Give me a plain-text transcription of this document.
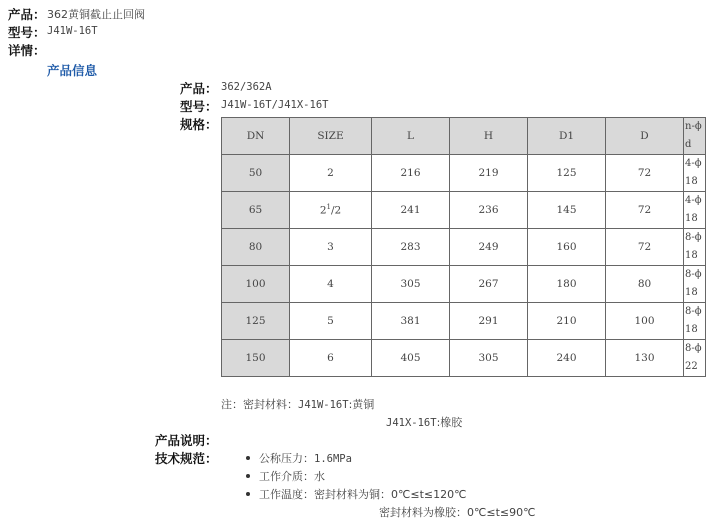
产品： 362黄铜截止止回阀
型号： J41W-16T
详情：
产品信息
产品： 362/362A
型号： J41W-16T/J41X-16T
规格：
DN	SIZE	L	H	D1	D	n-ϕd
50	2	216	219	125	72	4-ϕ18
65	$2^1/2$	241	236	145	72	4-ϕ18
80	3	283	249	160	72	8-ϕ18
100	4	305	267	180	80	8-ϕ18
125	5	381	291	210	100	8-ϕ18
150	6	405	305	240	130	8-ϕ22
注：密封材料：J41W-16T:黄铜
J41X-16T:橡胶
产品说明：
技术规范：	公称压力：1.6MPa
工作介质：水
工作温度：密封材料为铜：0℃≤t≤120℃
密封材料为橡胶：0℃≤t≤90℃
